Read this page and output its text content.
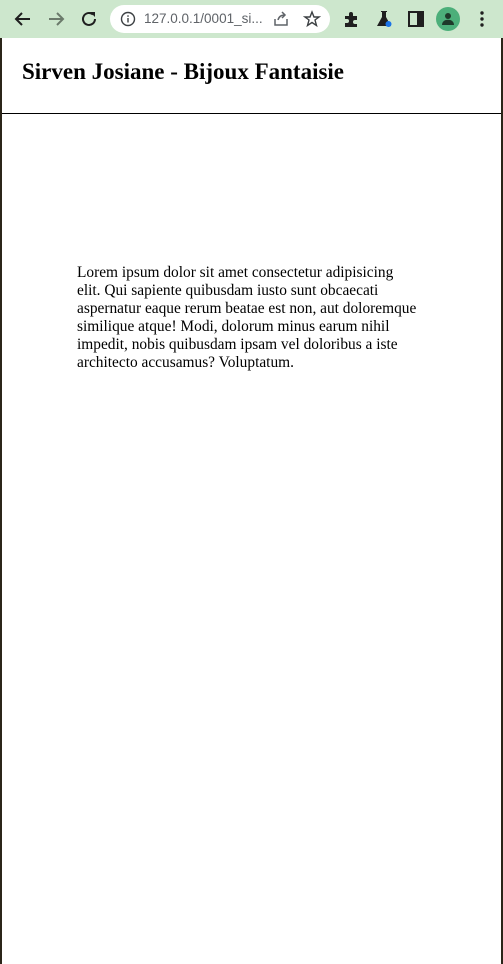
127.0.0.1/0001_si...
Sirven Josiane - Bijoux Fantaisie

Lorem ipsum dolor sit amet consectetur adipisicing elit. Qui sapiente quibusdam iusto sunt obcaecati aspernatur eaque rerum beatae est non, aut doloremque similique atque! Modi, dolorum minus earum nihil impedit, nobis quibusdam ipsam vel doloribus a iste architecto accusamus? Voluptatum.
